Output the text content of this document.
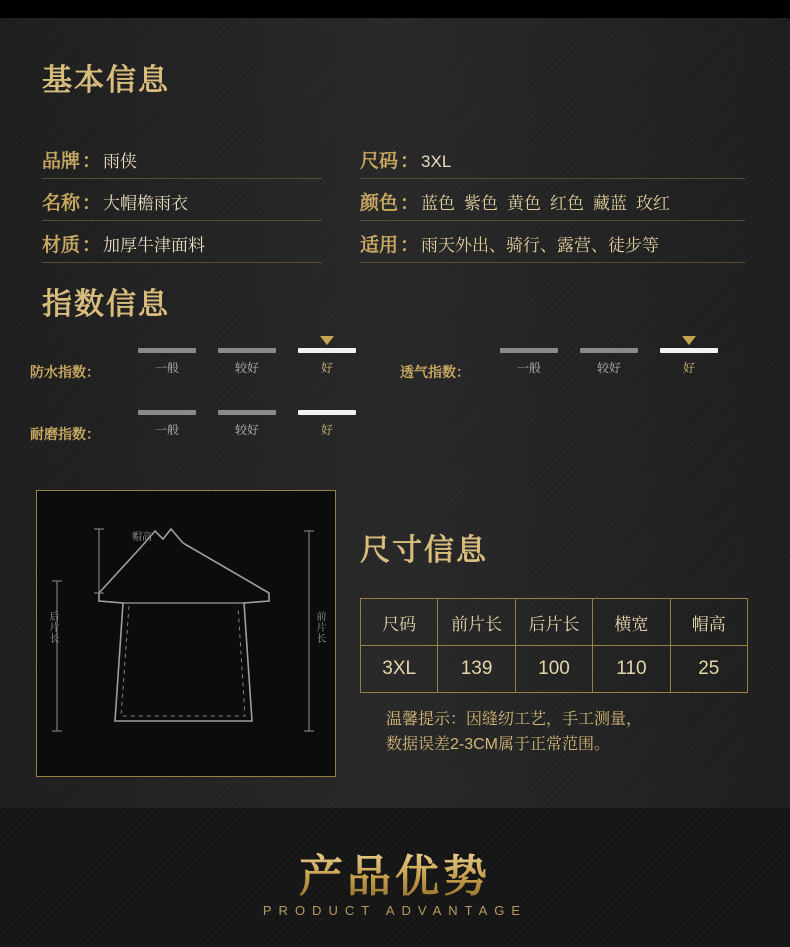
基本信息
品牌 ： 雨侠
名称 ： 大帽檐雨衣
材质 ： 加厚牛津面料
尺码 ： 3XL
颜色 ： 蓝色 紫色 黄色 红色 藏蓝 玫红
适用 ： 雨天外出、骑行、露营、徒步等
指数信息
防水指数：	一般	较好	好	透气指数：	一般	较好	好
耐磨指数：	一般	较好	好
帽高
后片长	前片长
尺寸信息
尺码	前片长	后片长	横宽	帽高
3XL	139	100	110	25
温馨提示：因缝纫工艺，手工测量，
数据误差2-3CM属于正常范围。
产品优势
PRODUCT ADVANTAGE
